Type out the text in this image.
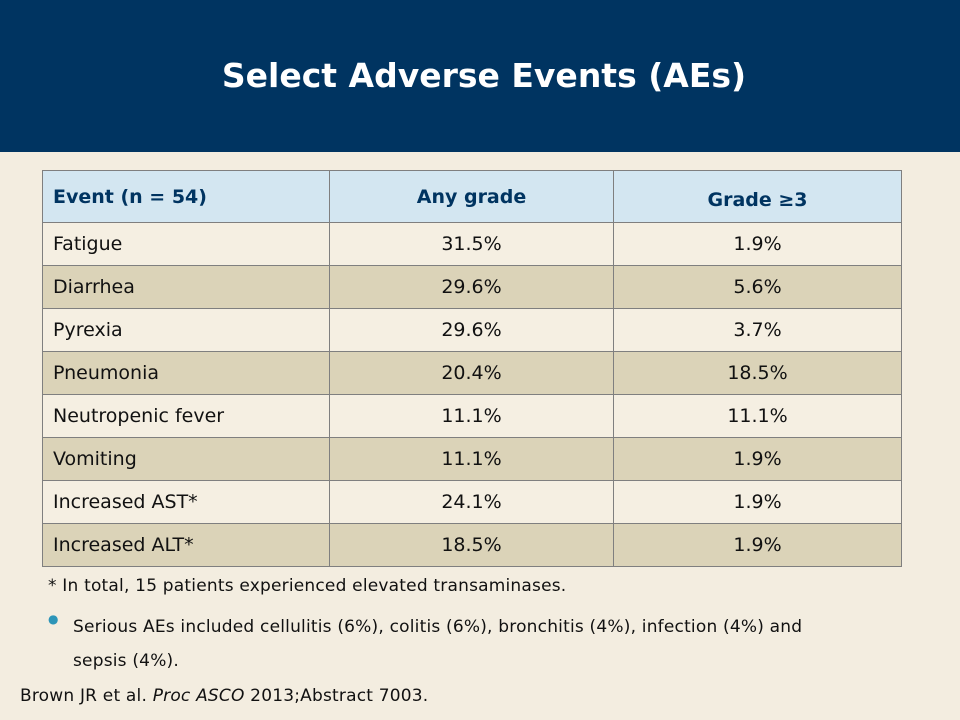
Select Adverse Events (AEs)
Event (n = 54)	Any grade	Grade ≥3
Fatigue	31.5%	1.9%
Diarrhea	29.6%	5.6%
Pyrexia	29.6%	3.7%
Pneumonia	20.4%	18.5%
Neutropenic fever	11.1%	11.1%
Vomiting	11.1%	1.9%
Increased AST*	24.1%	1.9%
Increased ALT*	18.5%	1.9%
* In total, 15 patients experienced elevated transaminases.
● Serious AEs included cellulitis (6%), colitis (6%), bronchitis (4%), infection (4%) and sepsis (4%).
Brown JR et al. Proc ASCO 2013;Abstract 7003.
